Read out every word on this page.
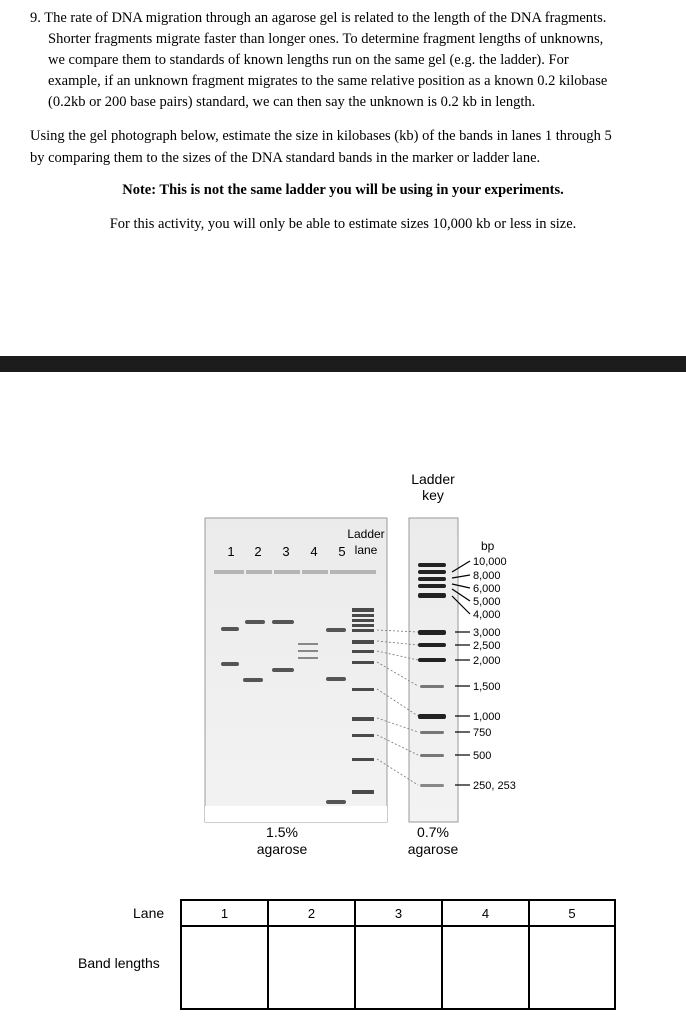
9. The rate of DNA migration through an agarose gel is related to the length of the DNA fragments.
Shorter fragments migrate faster than longer ones. To determine fragment lengths of unknowns,
we compare them to standards of known lengths run on the same gel (e.g. the ladder). For
example, if an unknown fragment migrates to the same relative position as a known 0.2 kilobase
(0.2kb or 200 base pairs) standard, we can then say the unknown is 0.2 kb in length.
Using the gel photograph below, estimate the size in kilobases (kb) of the bands in lanes 1 through 5
by comparing them to the sizes of the DNA standard bands in the marker or ladder lane.
Note: This is not the same ladder you will be using in your experiments.
For this activity, you will only be able to estimate sizes 10,000 kb or less in size.
Ladder
key
1 2 3 4 5
Ladder
lane	bp
10,000
8,000
6,000
5,000
4,000
3,000
2,500
2,000
1,500
1,000
750
500
250, 253
1.5%
agarose
0.7%
agarose
Lane
Band lengths
1	2	3	4	5
